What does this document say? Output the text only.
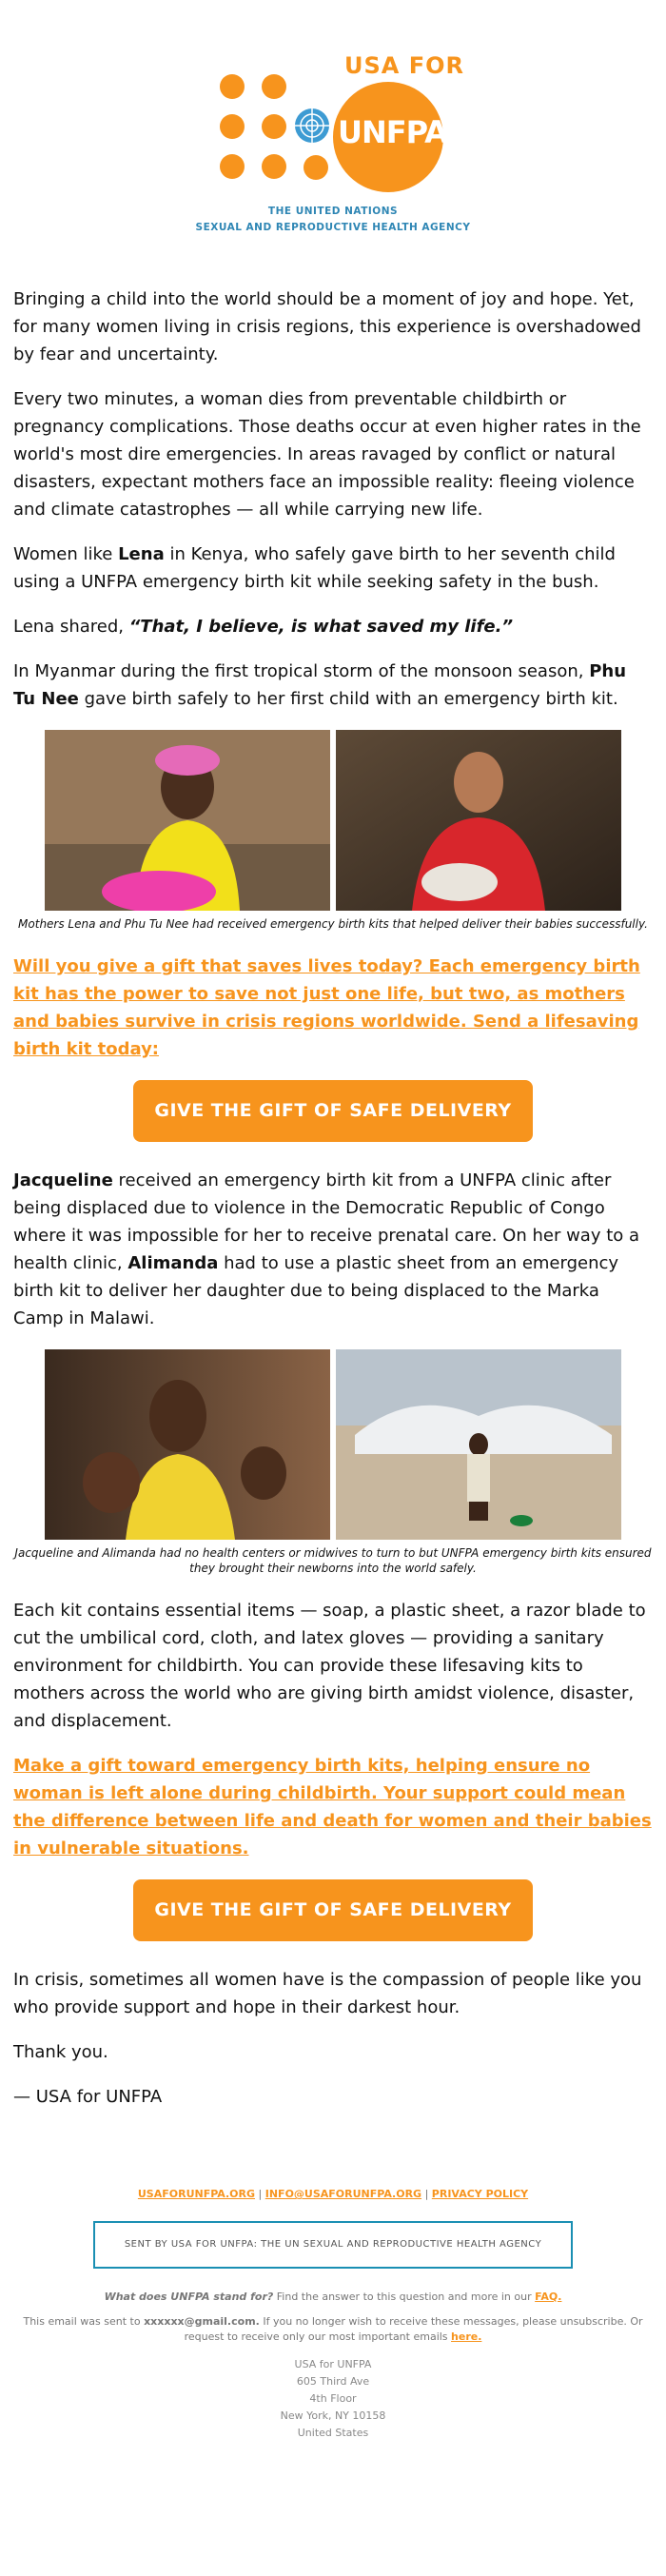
USA FOR
UNFPA
THE UNITED NATIONS
SEXUAL AND REPRODUCTIVE HEALTH AGENCY

Bringing a child into the world should be a moment of joy and hope. Yet, for many women living in crisis regions, this experience is overshadowed by fear and uncertainty.

Every two minutes, a woman dies from preventable childbirth or pregnancy complications. Those deaths occur at even higher rates in the world's most dire emergencies. In areas ravaged by conflict or natural disasters, expectant mothers face an impossible reality: fleeing violence and climate catastrophes — all while carrying new life.

Women like Lena in Kenya, who safely gave birth to her seventh child using a UNFPA emergency birth kit while seeking safety in the bush.

Lena shared, “That, I believe, is what saved my life.”

In Myanmar during the first tropical storm of the monsoon season, Phu Tu Nee gave birth safely to her first child with an emergency birth kit.

Mothers Lena and Phu Tu Nee had received emergency birth kits that helped deliver their babies successfully.

Will you give a gift that saves lives today? Each emergency birth kit has the power to save not just one life, but two, as mothers and babies survive in crisis regions worldwide. Send a lifesaving birth kit today:

GIVE THE GIFT OF SAFE DELIVERY

Jacqueline received an emergency birth kit from a UNFPA clinic after being displaced due to violence in the Democratic Republic of Congo where it was impossible for her to receive prenatal care. On her way to a health clinic, Alimanda had to use a plastic sheet from an emergency birth kit to deliver her daughter due to being displaced to the Marka Camp in Malawi.

Jacqueline and Alimanda had no health centers or midwives to turn to but UNFPA emergency birth kits ensured they brought their newborns into the world safely.

Each kit contains essential items — soap, a plastic sheet, a razor blade to cut the umbilical cord, cloth, and latex gloves — providing a sanitary environment for childbirth. You can provide these lifesaving kits to mothers across the world who are giving birth amidst violence, disaster, and displacement.

Make a gift toward emergency birth kits, helping ensure no woman is left alone during childbirth. Your support could mean the difference between life and death for women and their babies in vulnerable situations.

GIVE THE GIFT OF SAFE DELIVERY

In crisis, sometimes all women have is the compassion of people like you who provide support and hope in their darkest hour.

Thank you.

— USA for UNFPA

USAFORUNFPA.ORG | INFO@USAFORUNFPA.ORG | PRIVACY POLICY
SENT BY USA FOR UNFPA: THE UN SEXUAL AND REPRODUCTIVE HEALTH AGENCY
What does UNFPA stand for? Find the answer to this question and more in our FAQ.
This email was sent to xxxxxx@gmail.com. If you no longer wish to receive these messages, please unsubscribe. Or request to receive only our most important emails here.
USA for UNFPA
605 Third Ave
4th Floor
New York, NY 10158
United States
